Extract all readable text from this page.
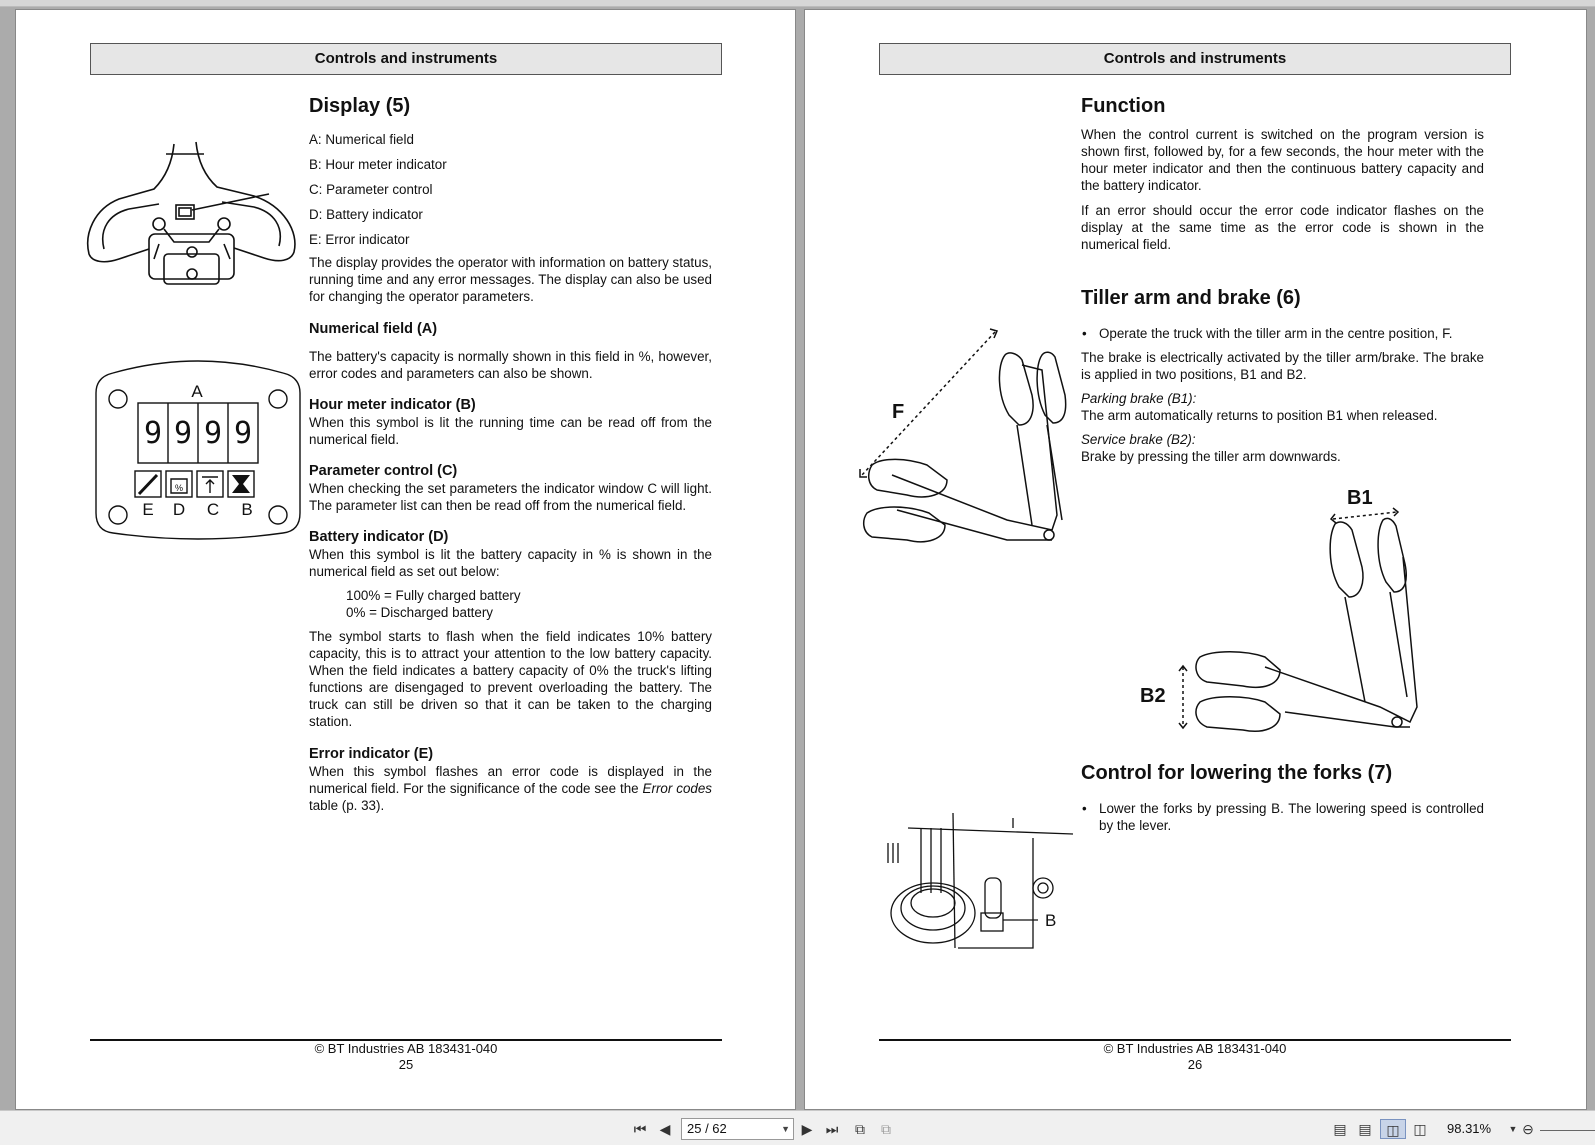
Controls and instruments
A
9 9 9 9
%
E D C B
Display (5)
A: Numerical field
B: Hour meter indicator
C: Parameter control
D: Battery indicator
E: Error indicator
The display provides the operator with information on battery status, running time and any error messages. The display can also be used for changing the operator parameters.
Numerical field (A)
The battery's capacity is normally shown in this field in %, however, error codes and parameters can also be shown.
Hour meter indicator (B)
When this symbol is lit the running time can be read off from the numerical field.
Parameter control (C)
When checking the set parameters the indicator window C will light. The parameter list can then be read off from the numerical field.
Battery indicator (D)
When this symbol is lit the battery capacity in % is shown in the numerical field as set out below:
100% = Fully charged battery
0% = Discharged battery
The symbol starts to flash when the field indicates 10% battery capacity, this is to attract your attention to the low battery capacity. When the field indicates a battery capacity of 0% the truck's lifting functions are disengaged to prevent overloading the battery. The truck can still be driven so that it can be taken to the charging station.
Error indicator (E)
When this symbol flashes an error code is displayed in the numerical field. For the significance of the code see the Error codes table (p. 33).
© BT Industries AB 183431-040
25
Controls and instruments
Function
When the control current is switched on the program version is shown first, followed by, for a few seconds, the hour meter with the hour meter indicator and then the continuous battery capacity and the battery indicator.
If an error should occur the error code indicator flashes on the display at the same time as the error code is shown in the numerical field.
Tiller arm and brake (6)
• Operate the truck with the tiller arm in the centre position, F.
The brake is electrically activated by the tiller arm/brake. The brake is applied in two positions, B1 and B2.
Parking brake (B1):
The arm automatically returns to position B1 when released.
Service brake (B2):
Brake by pressing the tiller arm downwards.
F
B1
B2
Control for lowering the forks (7)
• Lower the forks by pressing B. The lowering speed is controlled by the lever.
B
© BT Industries AB 183431-040
26
⏮ ◀	25 / 62	▼ ▶ ⏭	⧉	⧉	▤ ▤	◫ ◫ 98.31%	▼ ⊖
